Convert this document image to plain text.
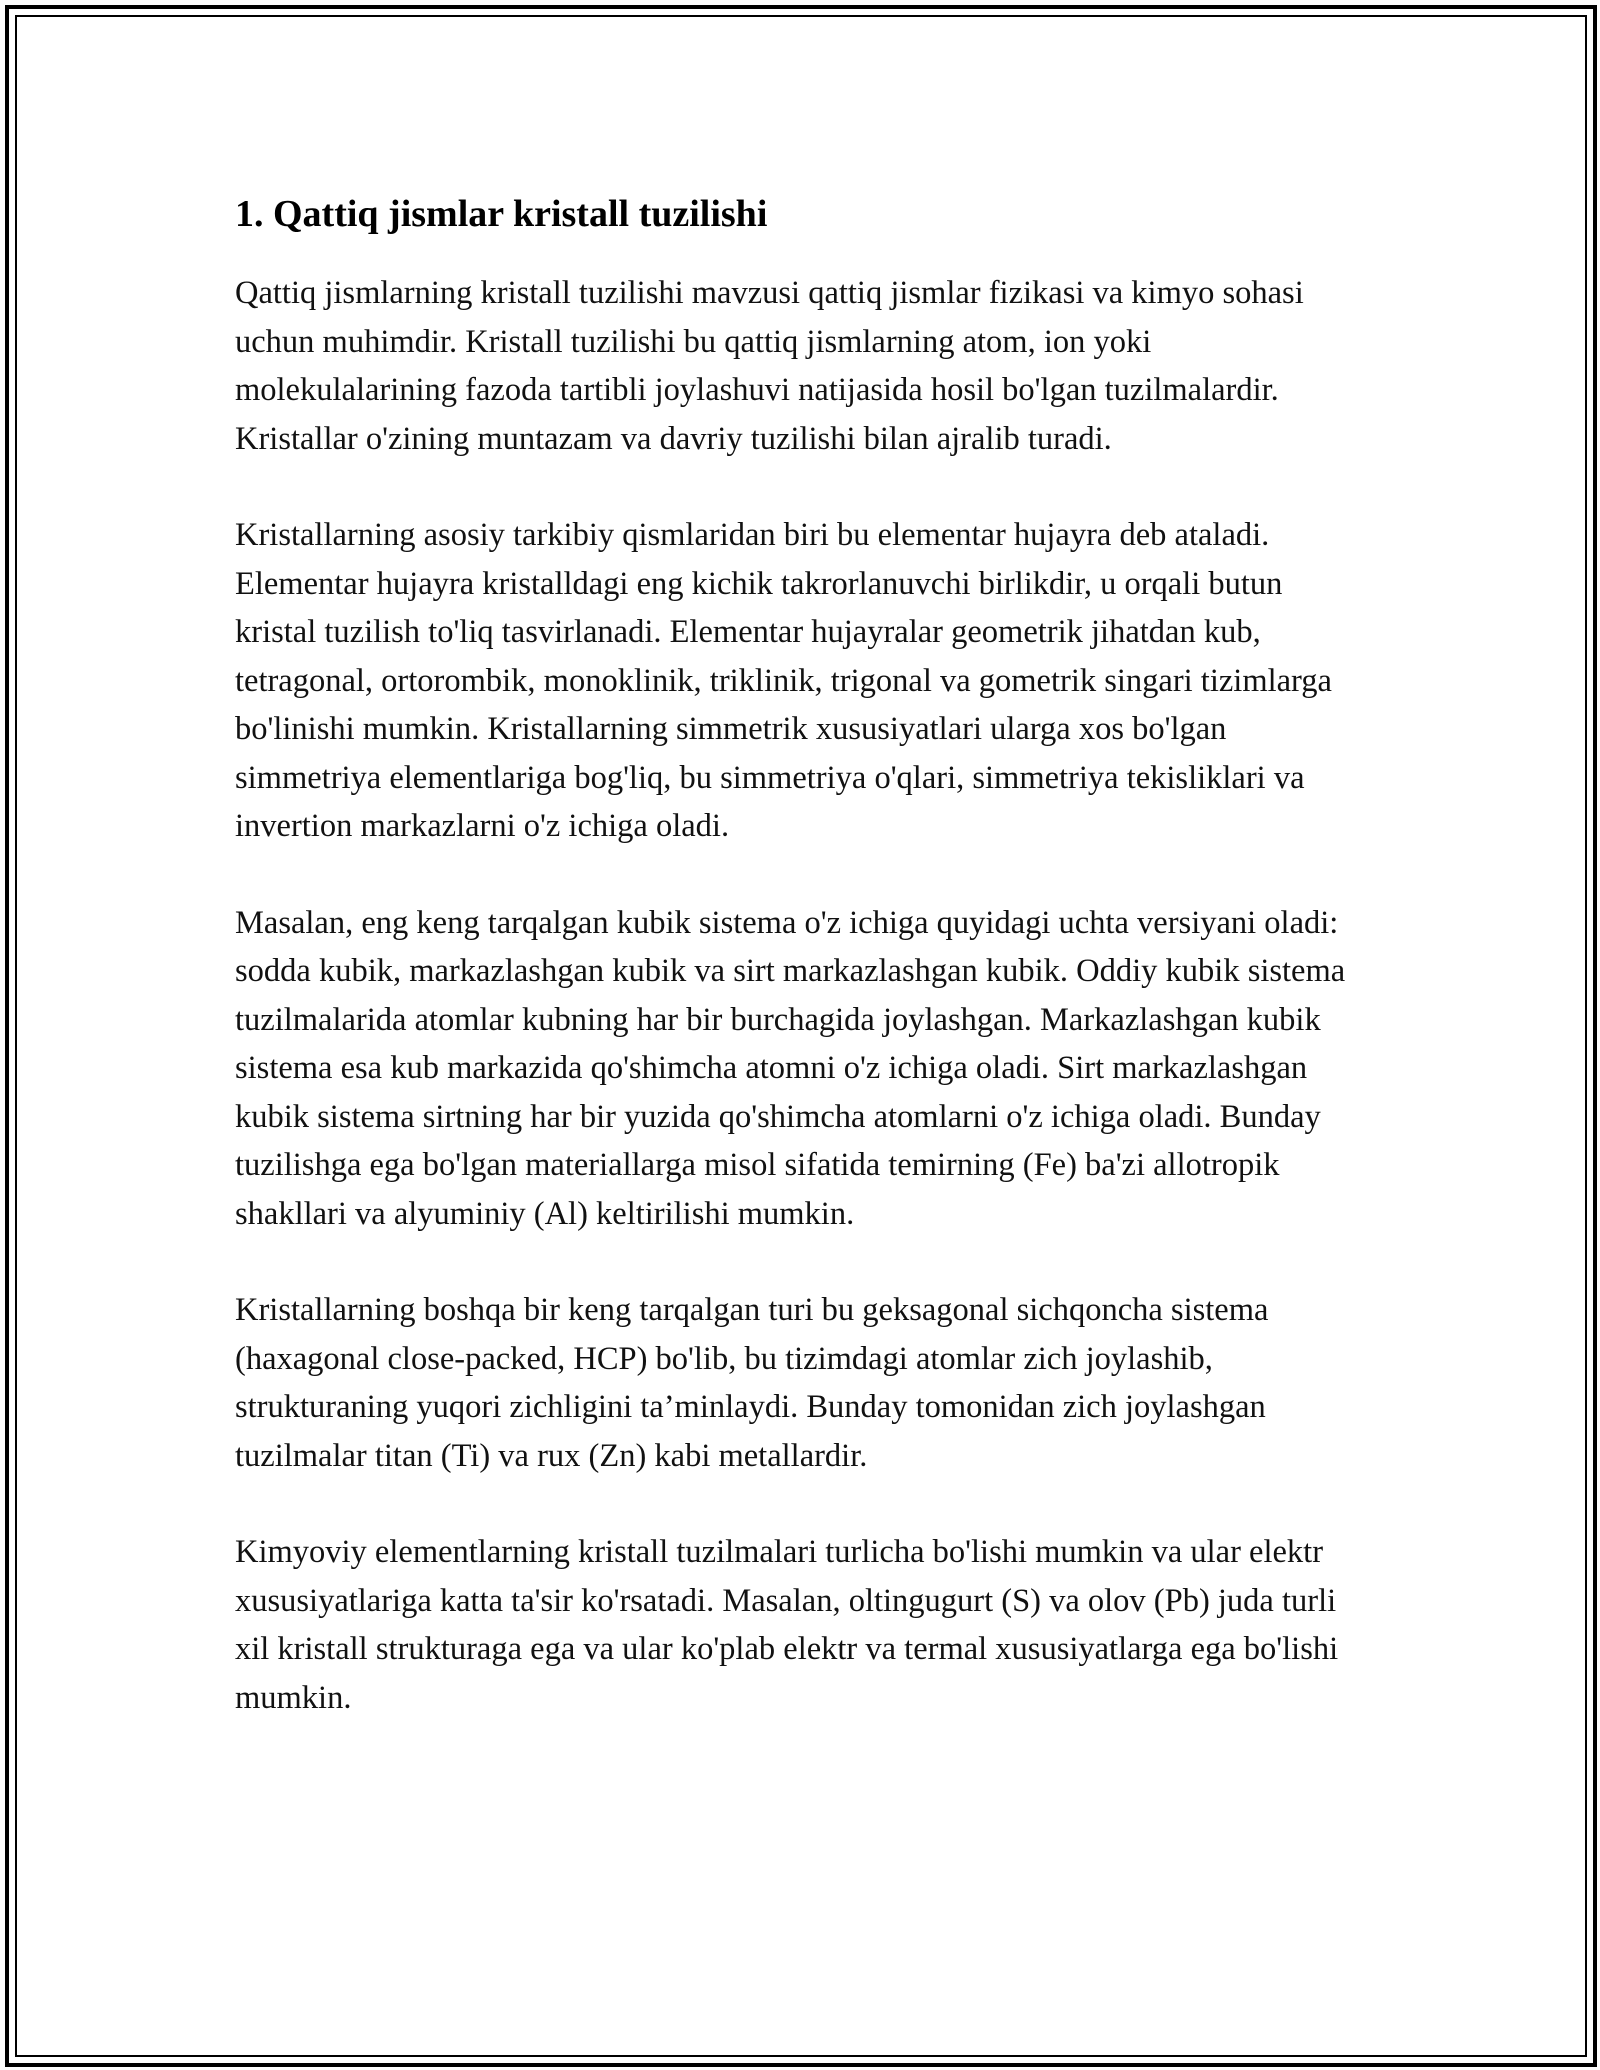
1. Qattiq jismlar kristall tuzilishi

Qattiq jismlarning kristall tuzilishi mavzusi qattiq jismlar fizikasi va kimyo sohasi uchun muhimdir. Kristall tuzilishi bu qattiq jismlarning atom, ion yoki molekulalarining fazoda tartibli joylashuvi natijasida hosil bo'lgan tuzilmalardir. Kristallar o'zining muntazam va davriy tuzilishi bilan ajralib turadi.

Kristallarning asosiy tarkibiy qismlaridan biri bu elementar hujayra deb ataladi. Elementar hujayra kristalldagi eng kichik takrorlanuvchi birlikdir, u orqali butun kristal tuzilish to'liq tasvirlanadi. Elementar hujayralar geometrik jihatdan kub, tetragonal, ortorombik, monoklinik, triklinik, trigonal va gometrik singari tizimlarga bo'linishi mumkin. Kristallarning simmetrik xususiyatlari ularga xos bo'lgan simmetriya elementlariga bog'liq, bu simmetriya o'qlari, simmetriya tekisliklari va invertion markazlarni o'z ichiga oladi.

Masalan, eng keng tarqalgan kubik sistema o'z ichiga quyidagi uchta versiyani oladi: sodda kubik, markazlashgan kubik va sirt markazlashgan kubik. Oddiy kubik sistema tuzilmalarida atomlar kubning har bir burchagida joylashgan. Markazlashgan kubik sistema esa kub markazida qo'shimcha atomni o'z ichiga oladi. Sirt markazlashgan kubik sistema sirtning har bir yuzida qo'shimcha atomlarni o'z ichiga oladi. Bunday tuzilishga ega bo'lgan materiallarga misol sifatida temirning (Fe) ba'zi allotropik shakllari va alyuminiy (Al) keltirilishi mumkin.

Kristallarning boshqa bir keng tarqalgan turi bu geksagonal sichqoncha sistema (haxagonal close-packed, HCP) bo'lib, bu tizimdagi atomlar zich joylashib, strukturaning yuqori zichligini ta’minlaydi. Bunday tomonidan zich joylashgan tuzilmalar titan (Ti) va rux (Zn) kabi metallardir.

Kimyoviy elementlarning kristall tuzilmalari turlicha bo'lishi mumkin va ular elektr xususiyatlariga katta ta'sir ko'rsatadi. Masalan, oltingugurt (S) va olov (Pb) juda turli xil kristall strukturaga ega va ular ko'plab elektr va termal xususiyatlarga ega bo'lishi mumkin.
